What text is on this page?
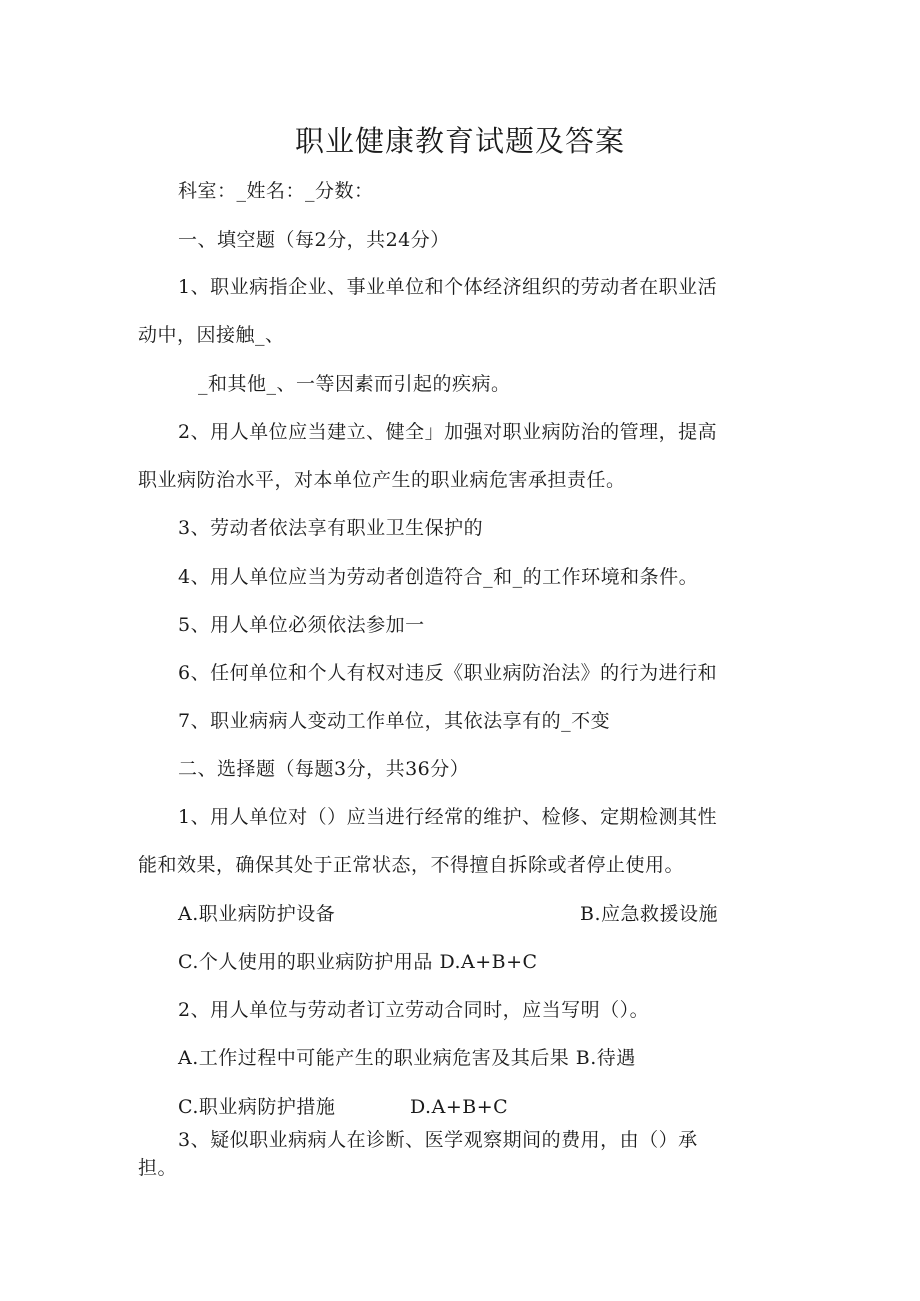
职业健康教育试题及答案
科室：_姓名：_分数：
一、填空题（每2分，共24分）
1、职业病指企业、事业单位和个体经济组织的劳动者在职业活
动中，因接触_、
_和其他_、一等因素而引起的疾病。
2、用人单位应当建立、健全」加强对职业病防治的管理，提高
职业病防治水平，对本单位产生的职业病危害承担责任。
3、劳动者依法享有职业卫生保护的
4、用人单位应当为劳动者创造符合_和_的工作环境和条件。
5、用人单位必须依法参加一
6、任何单位和个人有权对违反《职业病防治法》的行为进行和
7、职业病病人变动工作单位，其依法享有的_不变
二、选择题（每题3分，共36分）
1、用人单位对（）应当进行经常的维护、检修、定期检测其性
能和效果，确保其处于正常状态，不得擅自拆除或者停止使用。
A.职业病防护设备	B.应急救援设施
C.个人使用的职业病防护用品 D.A+B+C
2、用人单位与劳动者订立劳动合同时，应当写明（）。
A.工作过程中可能产生的职业病危害及其后果 B.待遇
C.职业病防护措施	D.A+B+C
3、疑似职业病病人在诊断、医学观察期间的费用，由（）承
担。
